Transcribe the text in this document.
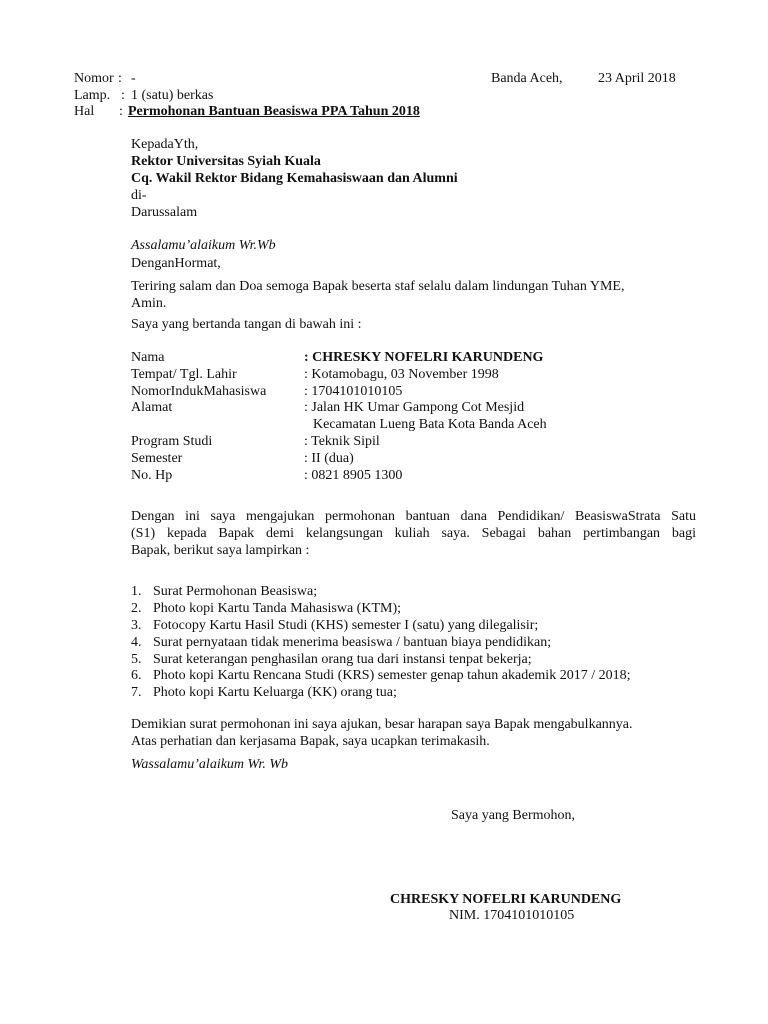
Nomor : -	Banda Aceh,	23 April 2018
Lamp. : 1 (satu) berkas
Hal : Permohonan Bantuan Beasiswa PPA Tahun 2018
KepadaYth,
Rektor Universitas Syiah Kuala
Cq. Wakil Rektor Bidang Kemahasiswaan dan Alumni
di-
Darussalam
Assalamu’alaikum Wr.Wb
DenganHormat,
Teriring salam dan Doa semoga Bapak beserta staf selalu dalam lindungan Tuhan YME,
Amin.
Saya yang bertanda tangan di bawah ini :
Nama	: CHRESKY NOFELRI KARUNDENG
Tempat/ Tgl. Lahir	: Kotamobagu, 03 November 1998
NomorIndukMahasiswa	: 1704101010105
Alamat	: Jalan HK Umar Gampong Cot Mesjid
Kecamatan Lueng Bata Kota Banda Aceh
Program Studi	: Teknik Sipil
Semester	: II (dua)
No. Hp	: 0821 8905 1300
Dengan ini saya mengajukan permohonan bantuan dana Pendidikan/ BeasiswaStrata Satu
(S1) kepada Bapak demi kelangsungan kuliah saya. Sebagai bahan pertimbangan bagi
Bapak, berikut saya lampirkan :
1. Surat Permohonan Beasiswa;
2. Photo kopi Kartu Tanda Mahasiswa (KTM);
3. Fotocopy Kartu Hasil Studi (KHS) semester I (satu) yang dilegalisir;
4. Surat pernyataan tidak menerima beasiswa / bantuan biaya pendidikan;
5. Surat keterangan penghasilan orang tua dari instansi tenpat bekerja;
6. Photo kopi Kartu Rencana Studi (KRS) semester genap tahun akademik 2017 / 2018;
7. Photo kopi Kartu Keluarga (KK) orang tua;
Demikian surat permohonan ini saya ajukan, besar harapan saya Bapak mengabulkannya.
Atas perhatian dan kerjasama Bapak, saya ucapkan terimakasih.
Wassalamu’alaikum Wr. Wb
Saya yang Bermohon,
CHRESKY NOFELRI KARUNDENG
NIM. 1704101010105
